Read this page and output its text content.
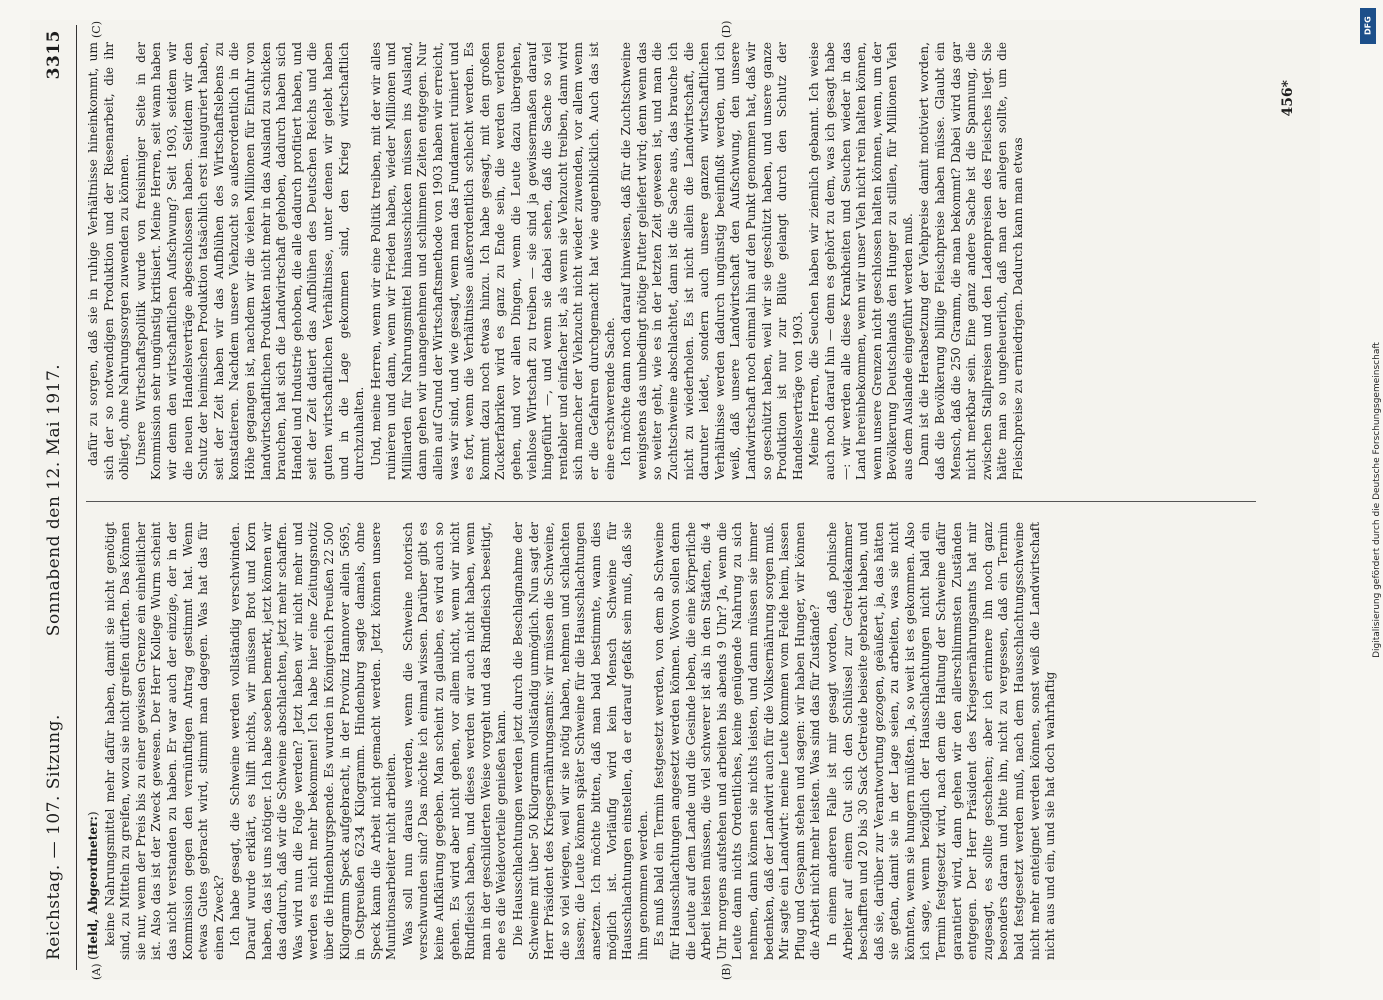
Reichstag. — 107. Sitzung.
Sonnabend den 12. Mai 1917.
3315
(A)	(B)
(C)	(D)

(Held, Abgeordneter:) keine Nahrungsmittel mehr dafür haben, damit sie nicht genötigt sind, zu Mitteln zu greifen, wozu sie nicht greifen dürften. Das können sie nur, wenn der Preis bis zu einer gewissen Grenze ein einheitlicher ist. Also das ist der Zweck gewesen. Der Herr Kollege Wurm scheint das nicht verstanden zu haben. Er war auch der einzige, der in der Kommission gegen den vernünftigen Antrag gestimmt hat. Wenn etwas Gutes gebracht wird, stimmt man dagegen. Was hat das für einen Zweck? Ich habe gesagt, die Schweine werden vollständig verschwinden. Darauf wurde erklärt, es hilft nichts, wir müssen Brot und Korn haben, das ist uns nötiger. Ich habe soeben bemerkt, jetzt können wir das dadurch, daß wir die Schweine abschlachten, jetzt mehr schaffen. Was wird nun die Folge werden? Jetzt haben wir nicht mehr und werden es nicht mehr bekommen! Ich habe hier eine Zeitungsnotiz über die Hindenburgspende. Es wurden in Königreich Preußen 22 500 Kilogramm Speck aufgebracht, in der Provinz Hannover allein 5695, in Ostpreußen 6234 Kilogramm. Hindenburg sagte damals, ohne Speck kann die Arbeit nicht gemacht werden. Jetzt können unsere Munitionsarbeiter nicht arbeiten. Was soll nun daraus werden, wenn die Schweine notorisch verschwunden sind? Das möchte ich einmal wissen. Darüber gibt es keine Aufklärung gegeben. Man scheint zu glauben, es wird auch so gehen. Es wird aber nicht gehen, vor allem nicht, wenn wir nicht Rindfleisch haben, und dieses werden wir auch nicht haben, wenn man in der geschilderten Weise vorgeht und das Rindfleisch beseitigt, ehe es die Weidevorteile genießen kann. Die Hausschlachtungen werden jetzt durch die Beschlagnahme der Schweine mit über 50 Kilogramm vollständig unmöglich. Nun sagt der Herr Präsident des Kriegsernährungsamts: wir müssen die Schweine, die so viel wiegen, weil wir sie nötig haben, nehmen und schlachten lassen; die Leute können später Schweine für die Hausschlachtungen ansetzen. Ich möchte bitten, daß man bald bestimmte, wann dies möglich ist. Vorläufig wird kein Mensch Schweine für Hausschlachtungen einstellen, da er darauf gefaßt sein muß, daß sie ihm genommen werden. Es muß bald ein Termin festgesetzt werden, von dem ab Schweine für Hausschlachtungen angesetzt werden können. Wovon sollen denn die Leute auf dem Lande und die Gesinde leben, die eine körperliche Arbeit leisten müssen, die viel schwerer ist als in den Städten, die 4 Uhr morgens aufstehen und arbeiten bis abends 9 Uhr? Ja, wenn die Leute dann nichts Ordentliches, keine genügende Nahrung zu sich nehmen, dann können sie nichts leisten, und dann müssen sie immer bedenken, daß der Landwirt auch für die Volksernährung sorgen muß. Mir sagte ein Landwirt: meine Leute kommen vom Felde heim, lassen Pflug und Gespann stehen und sagen: wir haben Hunger, wir können die Arbeit nicht mehr leisten. Was sind das für Zustände? In einem anderen Falle ist mir gesagt worden, daß polnische Arbeiter auf einem Gut sich den Schlüssel zur Getreidekammer beschafften und 20 bis 30 Sack Getreide beiseite gebracht haben, und daß sie, darüber zur Verantwortung gezogen, geäußert, ja, das hätten sie getan, damit sie in der Lage seien, zu arbeiten, was sie nicht könnten, wenn sie hungern müßten. Ja, so weit ist es gekommen. Also ich sage, wenn bezüglich der Hausschlachtungen nicht bald ein Termin festgesetzt wird, nach dem die Haltung der Schweine dafür garantiert wird, dann gehen wir den allerschlimmsten Zuständen entgegen. Der Herr Präsident des Kriegsernährungsamts hat mir zugesagt, es sollte geschehen; aber ich erinnere ihn noch ganz besonders daran und bitte ihn, nicht zu vergessen, daß ein Termin bald festgesetzt werden muß, nach dem Hausschlachtungsschweine nicht mehr enteignet werden können, sonst weiß die Landwirtschaft nicht aus und ein, und sie hat doch wahrhaftig

dafür zu sorgen, daß sie in ruhige Verhältnisse hineinkommt, um sich der so notwendigen Produktion und der Riesenarbeit, die ihr obliegt, ohne Nahrungssorgen zuwenden zu können. Unsere Wirtschaftspolitik wurde von freisinniger Seite in der Kommission sehr ungünstig kritisiert. Meine Herren, seit wann haben wir denn den wirtschaftlichen Aufschwung? Seit 1903, seitdem wir die neuen Handelsverträge abgeschlossen haben. Seitdem wir den Schutz der heimischen Produktion tatsächlich erst inauguriert haben, seit der Zeit haben wir das Aufblühen des Wirtschaftslebens zu konstatieren. Nachdem unsere Viehzucht so außerordentlich in die Höhe gegangen ist, nachdem wir die vielen Millionen für Einfuhr von landwirtschaftlichen Produkten nicht mehr in das Ausland zu schicken brauchen, hat sich die Landwirtschaft gehoben, dadurch haben sich Handel und Industrie gehoben, die alle dadurch profitiert haben, und seit der Zeit datiert das Aufblühen des Deutschen Reichs und die guten wirtschaftlichen Verhältnisse, unter denen wir gelebt haben und in die Lage gekommen sind, den Krieg wirtschaftlich durchzuhalten. Und, meine Herren, wenn wir eine Politik treiben, mit der wir alles ruinieren und dann, wenn wir Frieden haben, wieder Millionen und Milliarden für Nahrungsmittel hinausschicken müssen ins Ausland, dann gehen wir unangenehmen und schlimmen Zeiten entgegen. Nur allein auf Grund der Wirtschaftsmethode von 1903 haben wir erreicht, was wir sind, und wie gesagt, wenn man das Fundament ruiniert und es fort, wenn die Verhältnisse außerordentlich schlecht werden. Es kommt dazu noch etwas hinzu. Ich habe gesagt, mit den großen Zuckerfabriken wird es ganz zu Ende sein, die werden verloren gehen, und vor allen Dingen, wenn die Leute dazu übergehen, viehlose Wirtschaft zu treiben — sie sind ja gewissermaßen darauf hingeführt —, und wenn sie dabei sehen, daß die Sache so viel rentabler und einfacher ist, als wenn sie Viehzucht treiben, dann wird sich mancher der Viehzucht nicht wieder zuwenden, vor allem wenn er die Gefahren durchgemacht hat wie augenblicklich. Auch das ist eine erschwerende Sache. Ich möchte dann noch darauf hinweisen, daß für die Zuchtschweine wenigstens das unbedingt nötige Futter geliefert wird; denn wenn das so weiter geht, wie es in der letzten Zeit gewesen ist, und man die Zuchtschweine abschlachtet, dann ist die Sache aus, das brauche ich nicht zu wiederholen. Es ist nicht allein die Landwirtschaft, die darunter leidet, sondern auch unsere ganzen wirtschaftlichen Verhältnisse werden dadurch ungünstig beeinflußt werden, und ich weiß, daß unsere Landwirtschaft den Aufschwung, den unsere Landwirtschaft noch einmal hin auf den Punkt genommen hat, daß wir so geschützt haben, weil wir sie geschützt haben, und unsere ganze Produktion ist nur zur Blüte gelangt durch den Schutz der Handelsverträge von 1903. Meine Herren, die Seuchen haben wir ziemlich gebannt. Ich weise auch noch darauf hin — denn es gehört zu dem, was ich gesagt habe —: wir werden alle diese Krankheiten und Seuchen wieder in das Land hereinbekommen, wenn wir unser Vieh nicht rein halten können, wenn unsere Grenzen nicht geschlossen halten können, wenn, um der Bevölkerung Deutschlands den Hunger zu stillen, für Millionen Vieh aus dem Auslande eingeführt werden muß. Dann ist die Herabsetzung der Viehpreise damit motiviert worden, daß die Bevölkerung billige Fleischpreise haben müsse. Glaubt ein Mensch, daß die 250 Gramm, die man bekommt? Dabei wird das gar nicht merkbar sein. Eine ganz andere Sache ist die Spannung, die zwischen Stallpreisen und den Ladenpreisen des Fleisches liegt. Sie hätte man so ungeheuerlich, daß man der anlegen sollte, um die Fleischpreise zu erniedrigen. Dadurch kann man etwas

456*
DFG
Digitalisierung gefördert durch die Deutsche Forschungsgemeinschaft
